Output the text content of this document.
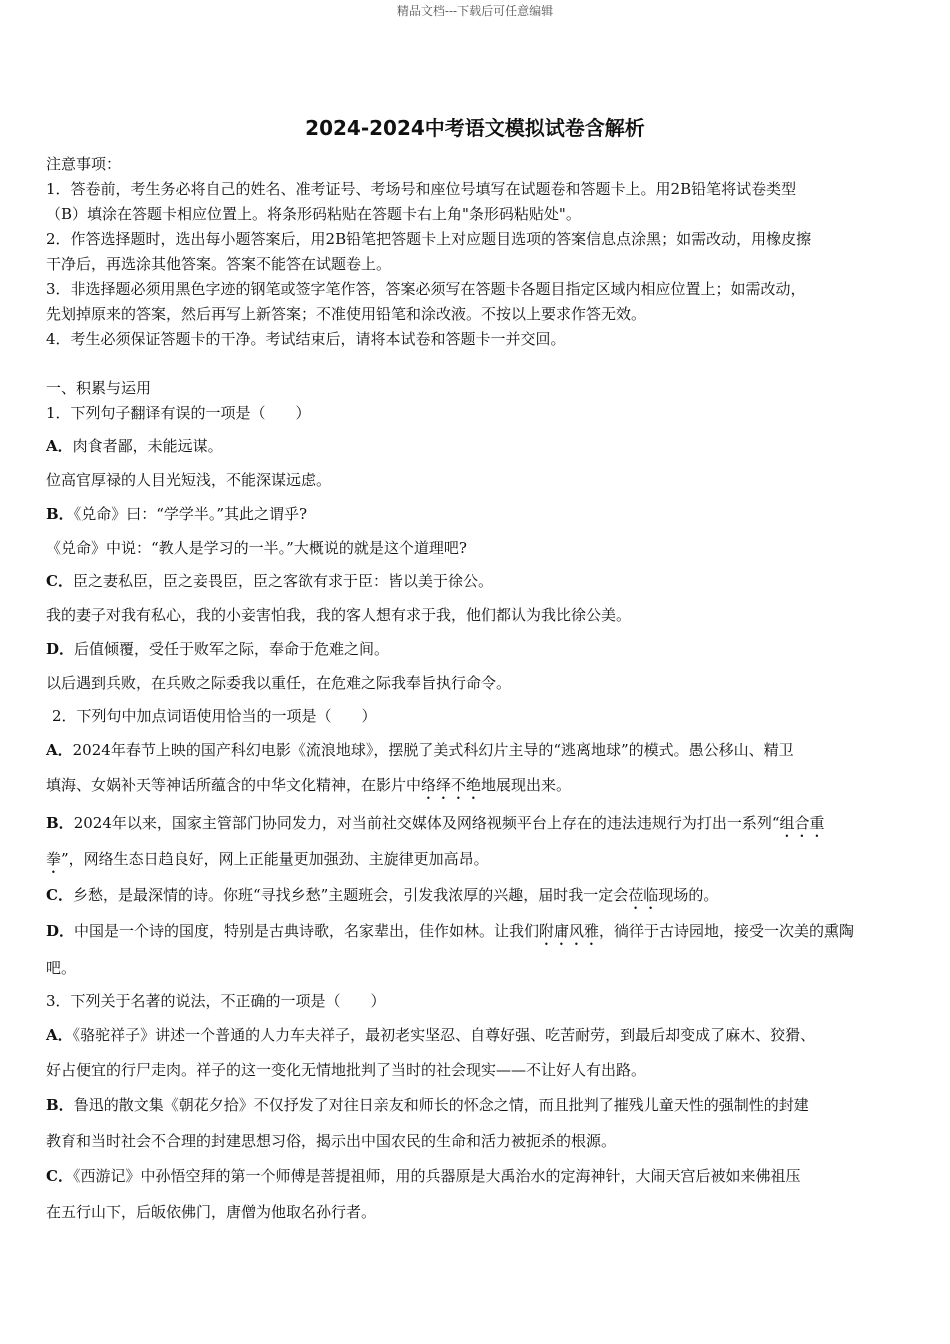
精品文档---下载后可任意编辑
2024-2024中考语文模拟试卷含解析
注意事项：
1．答卷前，考生务必将自己的姓名、准考证号、考场号和座位号填写在试题卷和答题卡上。用2B铅笔将试卷类型
（B）填涂在答题卡相应位置上。将条形码粘贴在答题卡右上角"条形码粘贴处"。
2．作答选择题时，选出每小题答案后，用2B铅笔把答题卡上对应题目选项的答案信息点涂黑；如需改动，用橡皮擦
干净后，再选涂其他答案。答案不能答在试题卷上。
3．非选择题必须用黑色字迹的钢笔或签字笔作答，答案必须写在答题卡各题目指定区域内相应位置上；如需改动，
先划掉原来的答案，然后再写上新答案；不准使用铅笔和涂改液。不按以上要求作答无效。
4．考生必须保证答题卡的干净。考试结束后，请将本试卷和答题卡一并交回。
一、积累与运用
1．下列句子翻译有误的一项是（　　）
A．肉食者鄙，未能远谋。
位高官厚禄的人目光短浅，不能深谋远虑。
B．《兑命》曰：“学学半。”其此之谓乎?
《兑命》中说：“教人是学习的一半。”大概说的就是这个道理吧?
C．臣之妻私臣，臣之妾畏臣，臣之客欲有求于臣：皆以美于徐公。
我的妻子对我有私心，我的小妾害怕我，我的客人想有求于我，他们都认为我比徐公美。
D．后值倾覆，受任于败军之际，奉命于危难之间。
以后遇到兵败，在兵败之际委我以重任，在危难之际我奉旨执行命令。
2．下列句中加点词语使用恰当的一项是（　　）
A．2024年春节上映的国产科幻电影《流浪地球》，摆脱了美式科幻片主导的“逃离地球”的模式。愚公移山、精卫
填海、女娲补天等神话所蕴含的中华文化精神，在影片中络绎不绝地展现出来。
B．2024年以来，国家主管部门协同发力，对当前社交媒体及网络视频平台上存在的违法违规行为打出一系列“组合重
拳”，网络生态日趋良好，网上正能量更加强劲、主旋律更加高昂。
C．乡愁，是最深情的诗。你班“寻找乡愁”主题班会，引发我浓厚的兴趣，届时我一定会莅临现场的。
D．中国是一个诗的国度，特别是古典诗歌，名家辈出，佳作如林。让我们附庸风雅，徜徉于古诗园地，接受一次美的熏陶
吧。
3．下列关于名著的说法，不正确的一项是（　　）
A．《骆驼祥子》讲述一个普通的人力车夫祥子，最初老实坚忍、自尊好强、吃苦耐劳，到最后却变成了麻木、狡猾、
好占便宜的行尸走肉。祥子的这一变化无情地批判了当时的社会现实——不让好人有出路。
B．鲁迅的散文集《朝花夕拾》不仅抒发了对往日亲友和师长的怀念之情，而且批判了摧残儿童天性的强制性的封建
教育和当时社会不合理的封建思想习俗，揭示出中国农民的生命和活力被扼杀的根源。
C．《西游记》中孙悟空拜的第一个师傅是菩提祖师，用的兵器原是大禹治水的定海神针，大闹天宫后被如来佛祖压
在五行山下，后皈依佛门，唐僧为他取名孙行者。
